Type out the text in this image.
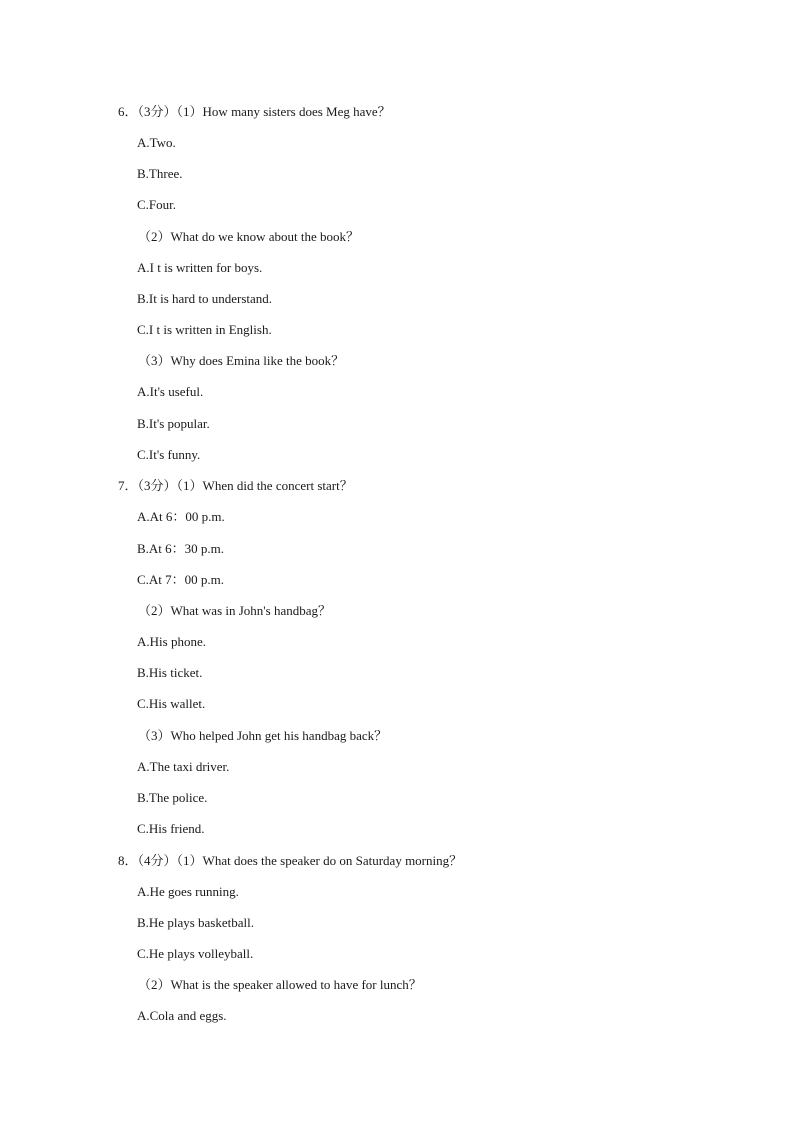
6．（3分）（1）How many sisters does Meg have？
A.Two.
B.Three.
C.Four.
（2）What do we know about the book？
A.I t is written for boys.
B.It is hard to understand.
C.I t is written in English.
（3）Why does Emina like the book？
A.It's useful.
B.It's popular.
C.It's funny.
7．（3分）（1）When did the concert start？
A.At 6：00 p.m.
B.At 6：30 p.m.
C.At 7：00 p.m.
（2）What was in John's handbag？
A.His phone.
B.His ticket.
C.His wallet.
（3）Who helped John get his handbag back？
A.The taxi driver.
B.The police.
C.His friend.
8．（4分）（1）What does the speaker do on Saturday morning？
A.He goes running.
B.He plays basketball.
C.He plays volleyball.
（2）What is the speaker allowed to have for lunch？
A.Cola and eggs.
